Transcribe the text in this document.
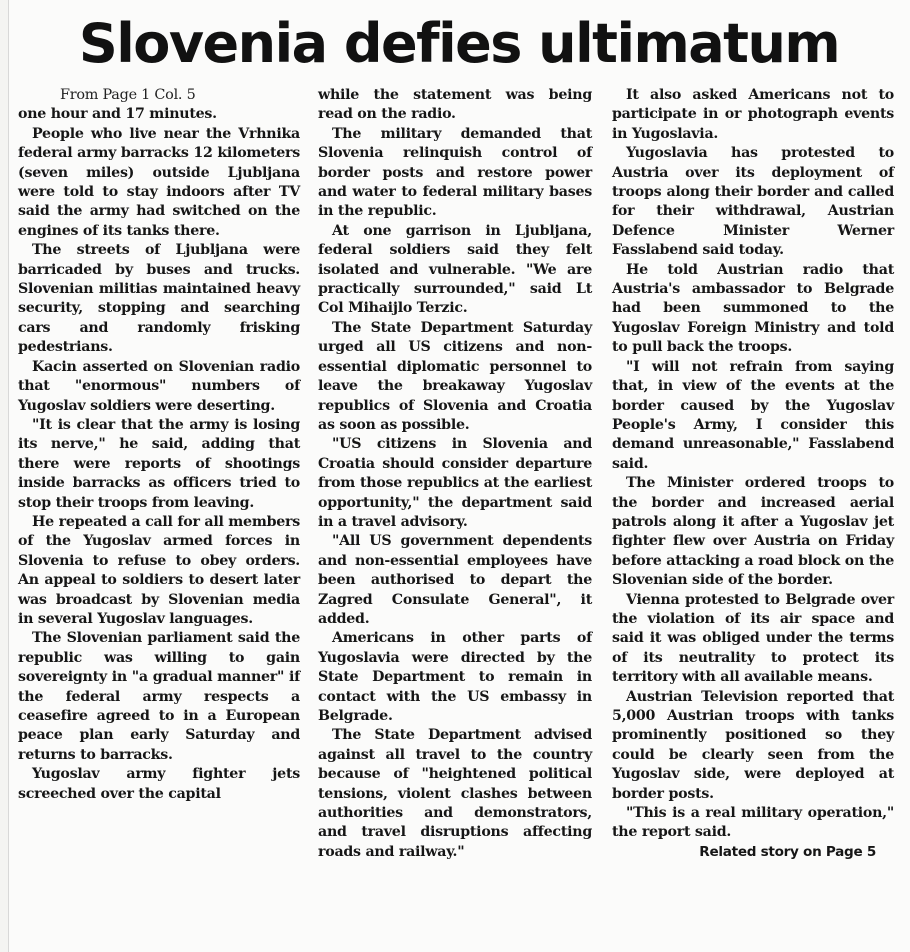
Slovenia defies ultimatum
From Page 1 Col. 5

one hour and 17 minutes.

People who live near the Vrhnika federal army barracks 12 kilometers (seven miles) outside Ljubljana were told to stay indoors after TV said the army had switched on the engines of its tanks there.

The streets of Ljubljana were barricaded by buses and trucks. Slovenian militias maintained heavy security, stopping and searching cars and randomly frisking pedestrians.

Kacin asserted on Slovenian radio that "enormous" numbers of Yugoslav soldiers were deserting.

"It is clear that the army is losing its nerve," he said, adding that there were reports of shootings inside barracks as officers tried to stop their troops from leaving.

He repeated a call for all members of the Yugoslav armed forces in Slovenia to refuse to obey orders. An appeal to soldiers to desert later was broadcast by Slovenian media in several Yugoslav languages.

The Slovenian parliament said the republic was willing to gain sovereignty in "a gradual manner" if the federal army respects a ceasefire agreed to in a European peace plan early Saturday and returns to barracks.

Yugoslav army fighter jets screeched over the capital

while the statement was being read on the radio.

The military demanded that Slovenia relinquish control of border posts and restore power and water to federal military bases in the republic.

At one garrison in Ljubljana, federal soldiers said they felt isolated and vulnerable. "We are practically surrounded," said Lt Col Mihaijlo Terzic.

The State Department Saturday urged all US citizens and non- essential diplomatic personnel to leave the breakaway Yugoslav republics of Slovenia and Croatia as soon as possible.

"US citizens in Slovenia and Croatia should consider departure from those republics at the earliest opportunity," the department said in a travel advisory.

"All US government dependents and non-essential employees have been authorised to depart the Zagred Consulate General", it added.

Americans in other parts of Yugoslavia were directed by the State Department to remain in contact with the US embassy in Belgrade.

The State Department advised against all travel to the country because of "heightened political tensions, violent clashes between authorities and demonstrators, and travel disruptions affecting roads and railway."

It also asked Americans not to participate in or photograph events in Yugoslavia.

Yugoslavia has protested to Austria over its deployment of troops along their border and called for their withdrawal, Austrian Defence Minister Werner Fasslabend said today.

He told Austrian radio that Austria's ambassador to Belgrade had been summoned to the Yugoslav Foreign Ministry and told to pull back the troops.

"I will not refrain from saying that, in view of the events at the border caused by the Yugoslav People's Army, I consider this demand unreasonable," Fasslabend said.

The Minister ordered troops to the border and increased aerial patrols along it after a Yugoslav jet fighter flew over Austria on Friday before attacking a road block on the Slovenian side of the border.

Vienna protested to Belgrade over the violation of its air space and said it was obliged under the terms of its neutrality to protect its territory with all available means.

Austrian Television reported that 5,000 Austrian troops with tanks prominently positioned so they could be clearly seen from the Yugoslav side, were deployed at border posts.

"This is a real military operation," the report said.

Related story on Page 5
